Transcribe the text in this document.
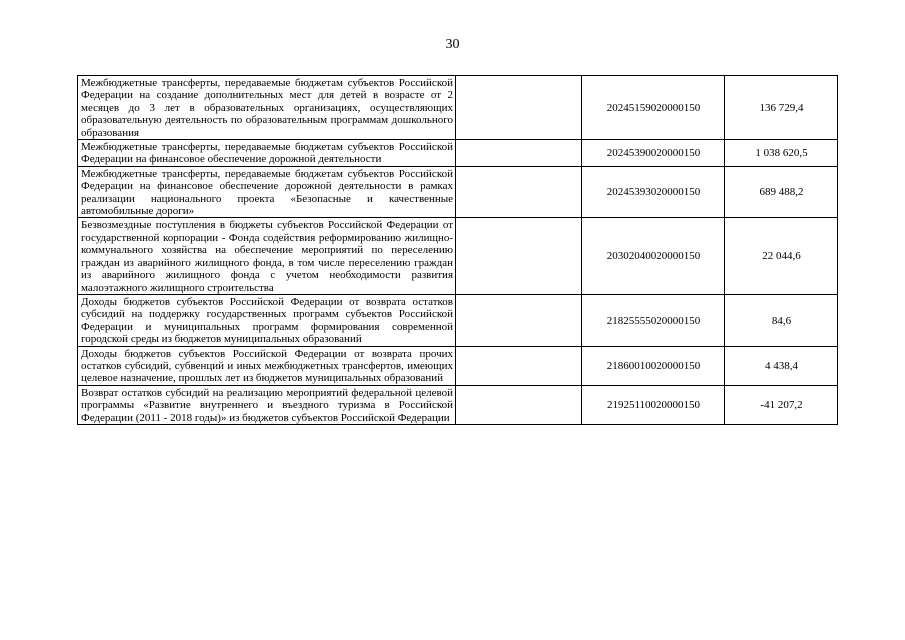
30
Межбюджетные трансферты, передаваемые бюджетам субъектов Российской Федерации на создание дополнительных мест для детей в возрасте от 2 месяцев до 3 лет в образовательных организациях, осуществляющих образовательную деятельность по образовательным программам дошкольного образования		20245159020000150	136 729,4
Межбюджетные трансферты, передаваемые бюджетам субъектов Российской Федерации на финансовое обеспечение дорожной деятельности		20245390020000150	1 038 620,5
Межбюджетные трансферты, передаваемые бюджетам субъектов Российской Федерации на финансовое обеспечение дорожной деятельности в рамках реализации национального проекта «Безопасные и качественные автомобильные дороги»		20245393020000150	689 488,2
Безвозмездные поступления в бюджеты субъектов Российской Федерации от государственной корпорации - Фонда содействия реформированию жилищно-коммунального хозяйства на обеспечение мероприятий по переселению граждан из аварийного жилищного фонда, в том числе переселению граждан из аварийного жилищного фонда с учетом необходимости развития малоэтажного жилищного строительства		20302040020000150	22 044,6
Доходы бюджетов субъектов Российской Федерации от возврата остатков субсидий на поддержку государственных программ субъектов Российской Федерации и муниципальных программ формирования современной городской среды из бюджетов муниципальных образований		21825555020000150	84,6
Доходы бюджетов субъектов Российской Федерации от возврата прочих остатков субсидий, субвенций и иных межбюджетных трансфертов, имеющих целевое назначение, прошлых лет из бюджетов муниципальных образований		21860010020000150	4 438,4
Возврат остатков субсидий на реализацию мероприятий федеральной целевой программы «Развитие внутреннего и въездного туризма в Российской Федерации (2011 - 2018 годы)» из бюджетов субъектов Российской Федерации		21925110020000150	-41 207,2
